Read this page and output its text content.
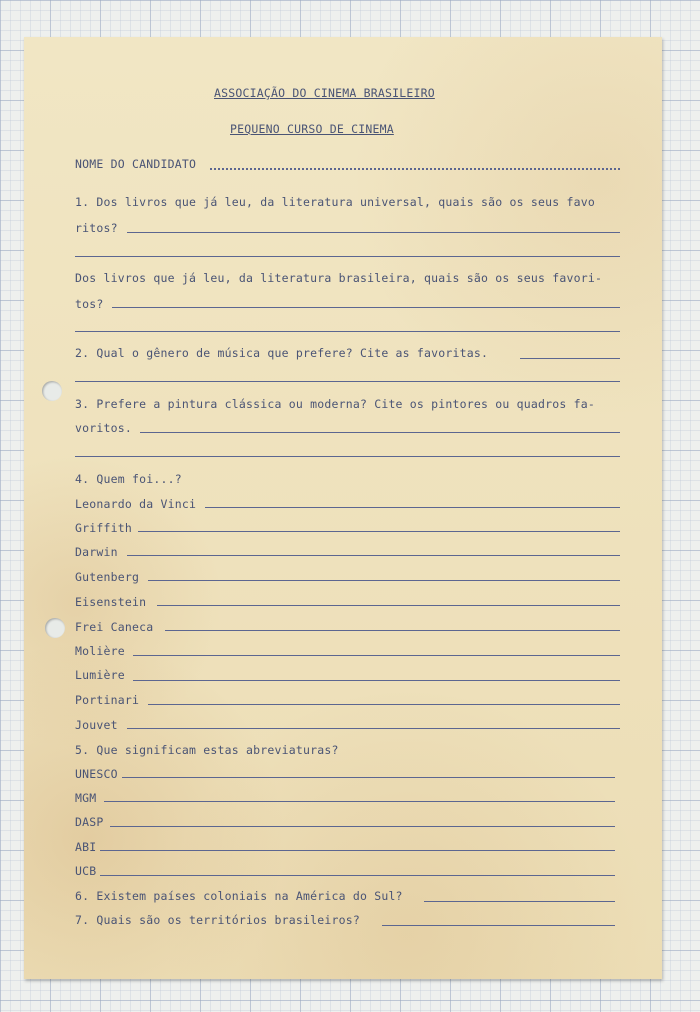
ASSOCIAÇÃO DO CINEMA BRASILEIRO
PEQUENO CURSO DE CINEMA
NOME DO CANDIDATO
1. Dos livros que já leu, da literatura universal, quais são os seus favo
ritos?
Dos livros que já leu, da literatura brasileira, quais são os seus favori-
tos?
2. Qual o gênero de música que prefere? Cite as favoritas.
3. Prefere a pintura clássica ou moderna? Cite os pintores ou quadros fa-
voritos.
4. Quem foi...?
Leonardo da Vinci
Griffith
Darwin
Gutenberg
Eisenstein
Frei Caneca
Molière
Lumière
Portinari
Jouvet
5. Que significam estas abreviaturas?
UNESCO
MGM
DASP
ABI
UCB
6. Existem países coloniais na América do Sul?
7. Quais são os territórios brasileiros?
